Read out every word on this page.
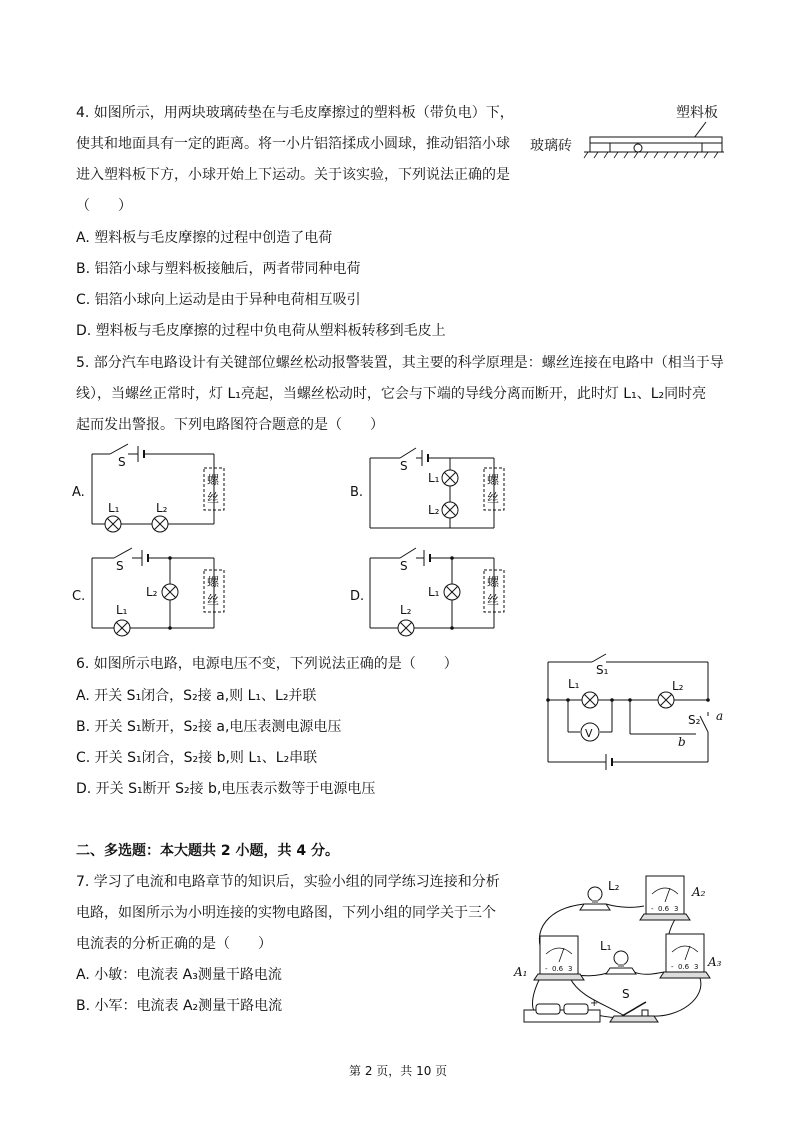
4. 如图所示，用两块玻璃砖垫在与毛皮摩擦过的塑料板（带负电）下，
使其和地面具有一定的距离。将一小片铝箔揉成小圆球，推动铝箔小球
进入塑料板下方，小球开始上下运动。关于该实验，下列说法正确的是
（　　）
A. 塑料板与毛皮摩擦的过程中创造了电荷
B. 铝箔小球与塑料板接触后，两者带同种电荷
C. 铝箔小球向上运动是由于异种电荷相互吸引
D. 塑料板与毛皮摩擦的过程中负电荷从塑料板转移到毛皮上
塑料板
玻璃砖
5. 部分汽车电路设计有关键部位螺丝松动报警装置，其主要的科学原理是：螺丝连接在电路中（相当于导
线），当螺丝正常时，灯 L₁亮起，当螺丝松动时，它会与下端的导线分离而断开，此时灯 L₁、L₂同时亮
起而发出警报。下列电路图符合题意的是（　　）
A.
S
L₁	L₂
螺
丝	B.
S
L₁
L₂
螺
丝
C.
S
L₁
L₂
螺
丝	D.
S
L₂
L₁
螺
丝
6. 如图所示电路，电源电压不变，下列说法正确的是（　　）
A. 开关 S₁闭合，S₂接 a,则 L₁、L₂并联
B. 开关 S₁断开，S₂接 a,电压表测电源电压
C. 开关 S₁闭合，S₂接 b,则 L₁、L₂串联
D. 开关 S₁断开 S₂接 b,电压表示数等于电源电压
S₁
L₁	L₂
V
S₂ a
b
二、多选题：本大题共 2 小题，共 4 分。
7. 学习了电流和电路章节的知识后，实验小组的同学练习连接和分析
电路，如图所示为小明连接的实物电路图，下列小组的同学关于三个
电流表的分析正确的是（　　）
A. 小敏：电流表 A₃测量干路电流
B. 小军：电流表 A₂测量干路电流
L₂
- 0.6 3
A₂
- 0.6 3
A₁
L₁
- 0.6 3 A₃
+
S
第 2 页，共 10 页
